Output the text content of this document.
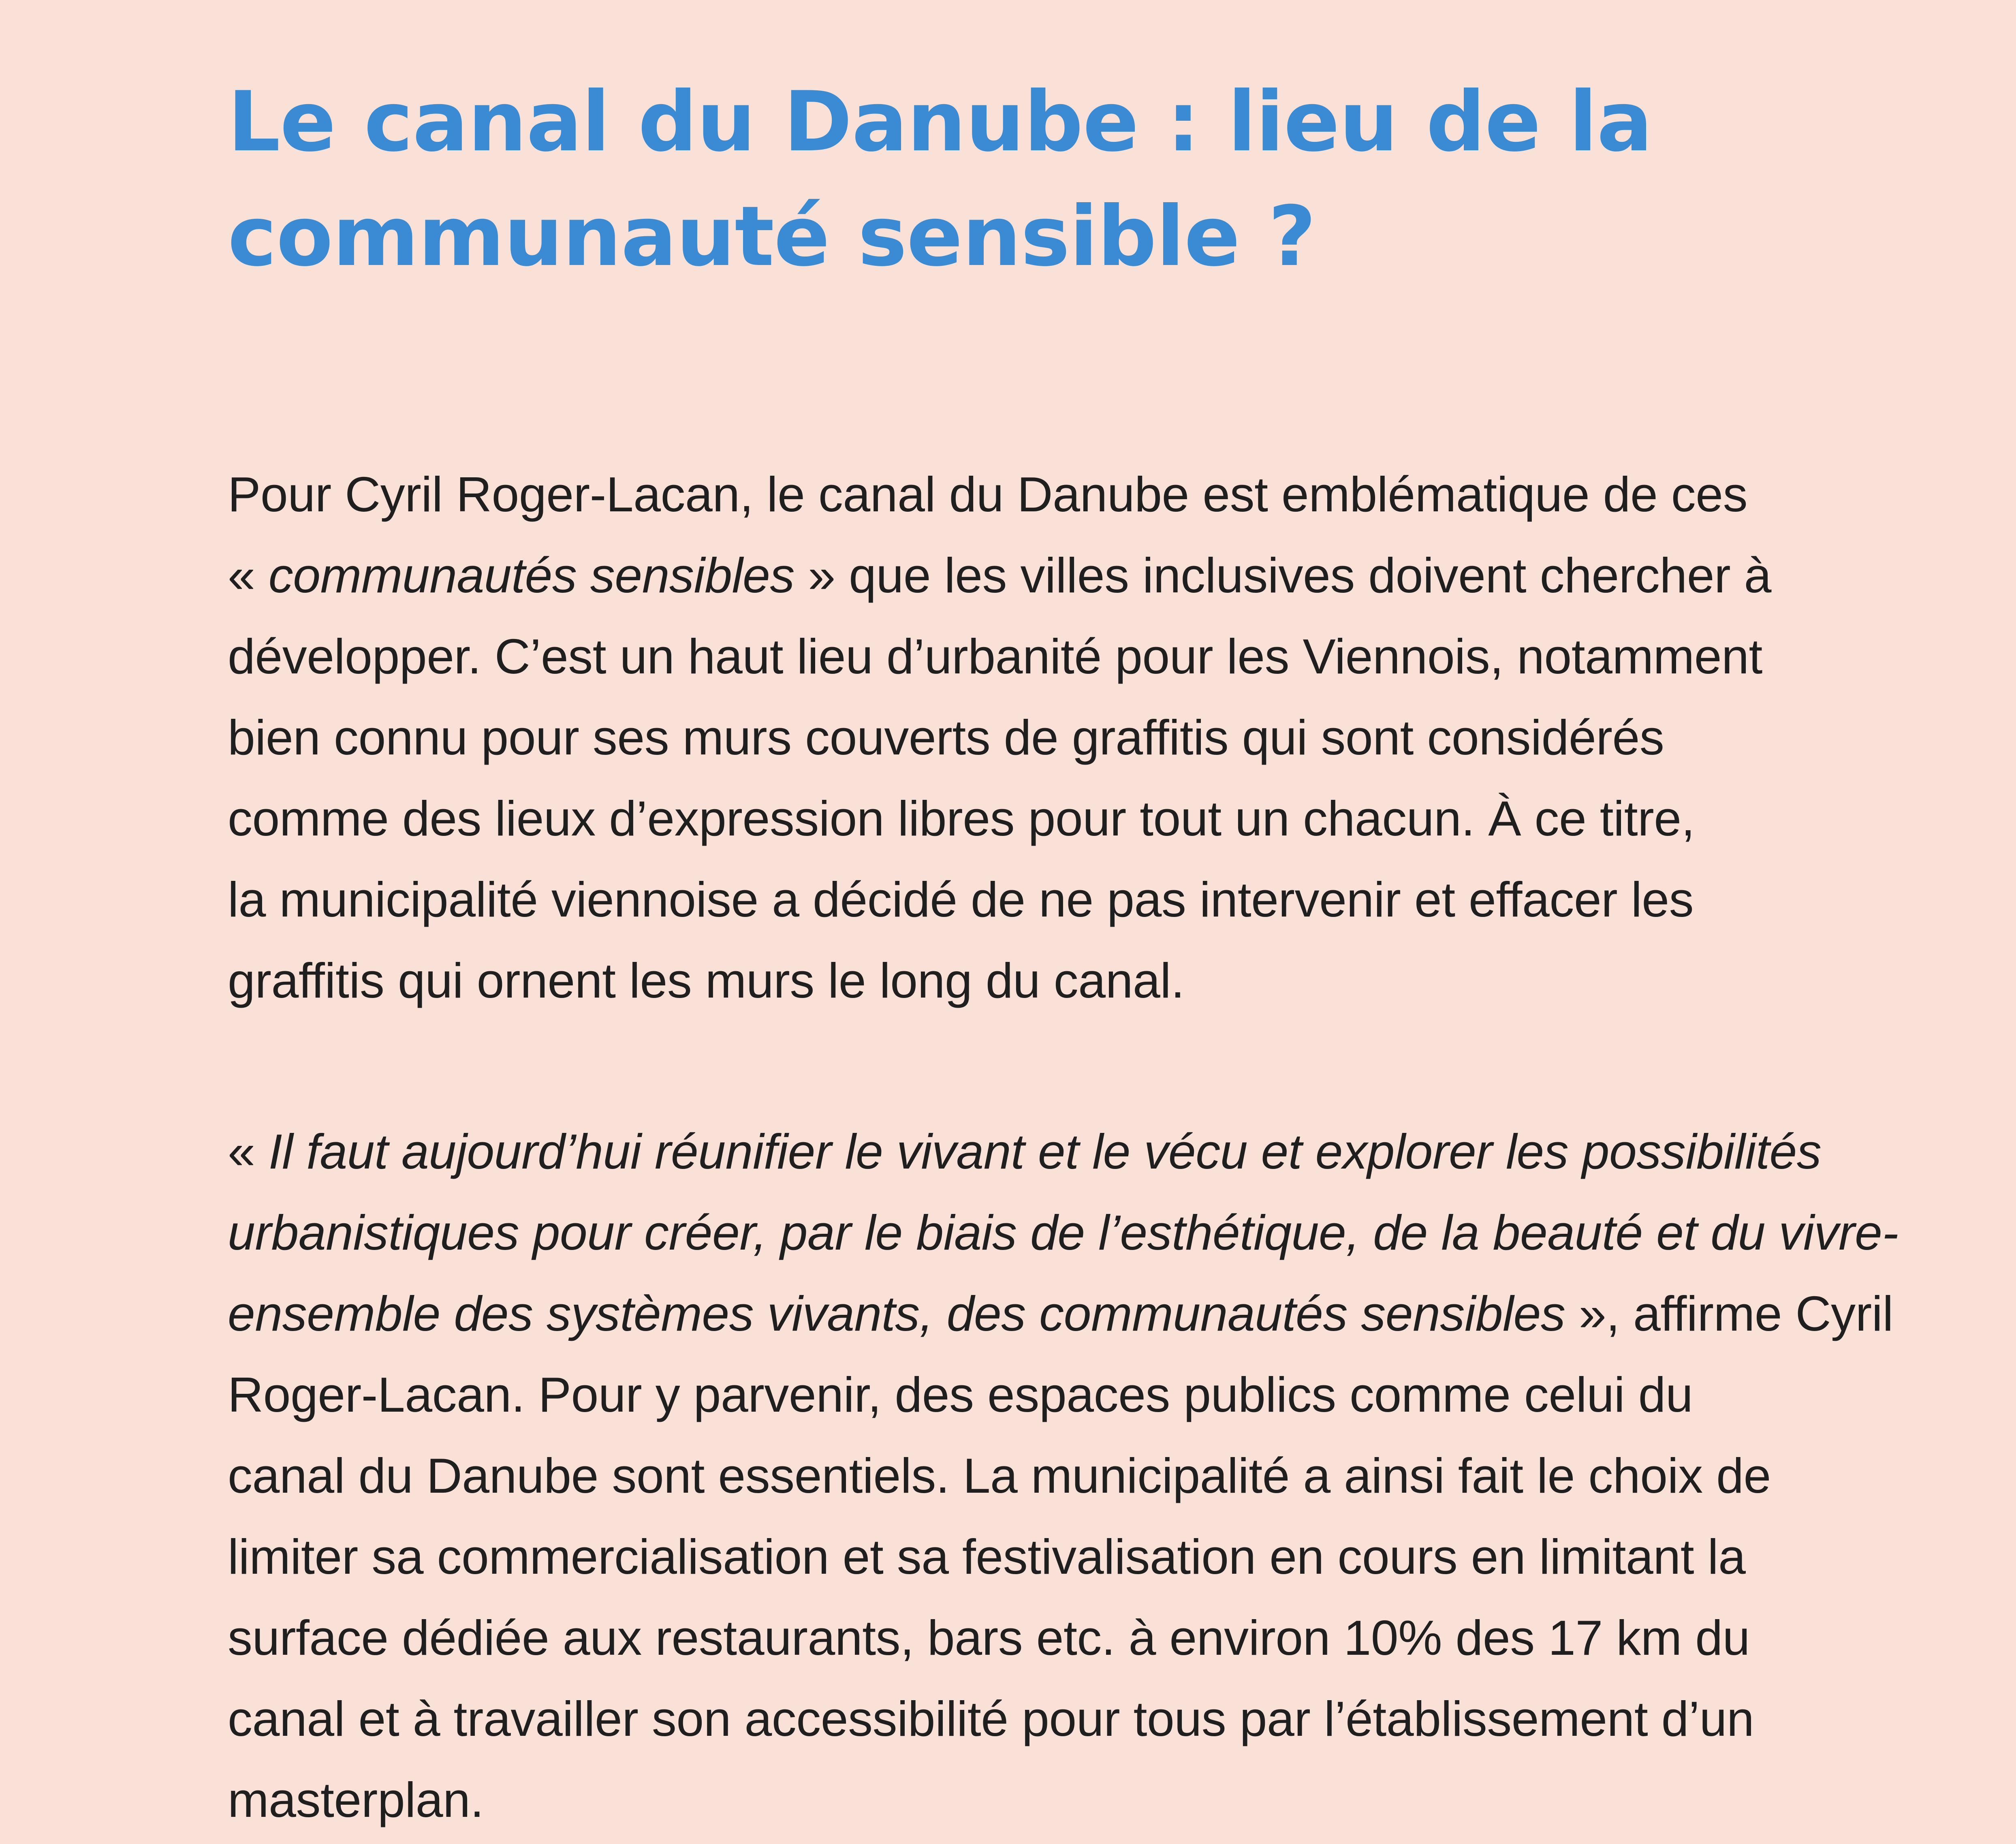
Le canal du Danube : lieu de la
communauté sensible ?

Pour Cyril Roger-Lacan, le canal du Danube est emblématique de ces
« communautés sensibles » que les villes inclusives doivent chercher à
développer. C’est un haut lieu d’urbanité pour les Viennois, notamment
bien connu pour ses murs couverts de graffitis qui sont considérés
comme des lieux d’expression libres pour tout un chacun. À ce titre,
la municipalité viennoise a décidé de ne pas intervenir et effacer les
graffitis qui ornent les murs le long du canal.

« Il faut aujourd’hui réunifier le vivant et le vécu et explorer les possibilités
urbanistiques pour créer, par le biais de l’esthétique, de la beauté et du vivre-
ensemble des systèmes vivants, des communautés sensibles », affirme Cyril
Roger-Lacan. Pour y parvenir, des espaces publics comme celui du
canal du Danube sont essentiels. La municipalité a ainsi fait le choix de
limiter sa commercialisation et sa festivalisation en cours en limitant la
surface dédiée aux restaurants, bars etc. à environ 10% des 17 km du
canal et à travailler son accessibilité pour tous par l’établissement d’un
masterplan.
